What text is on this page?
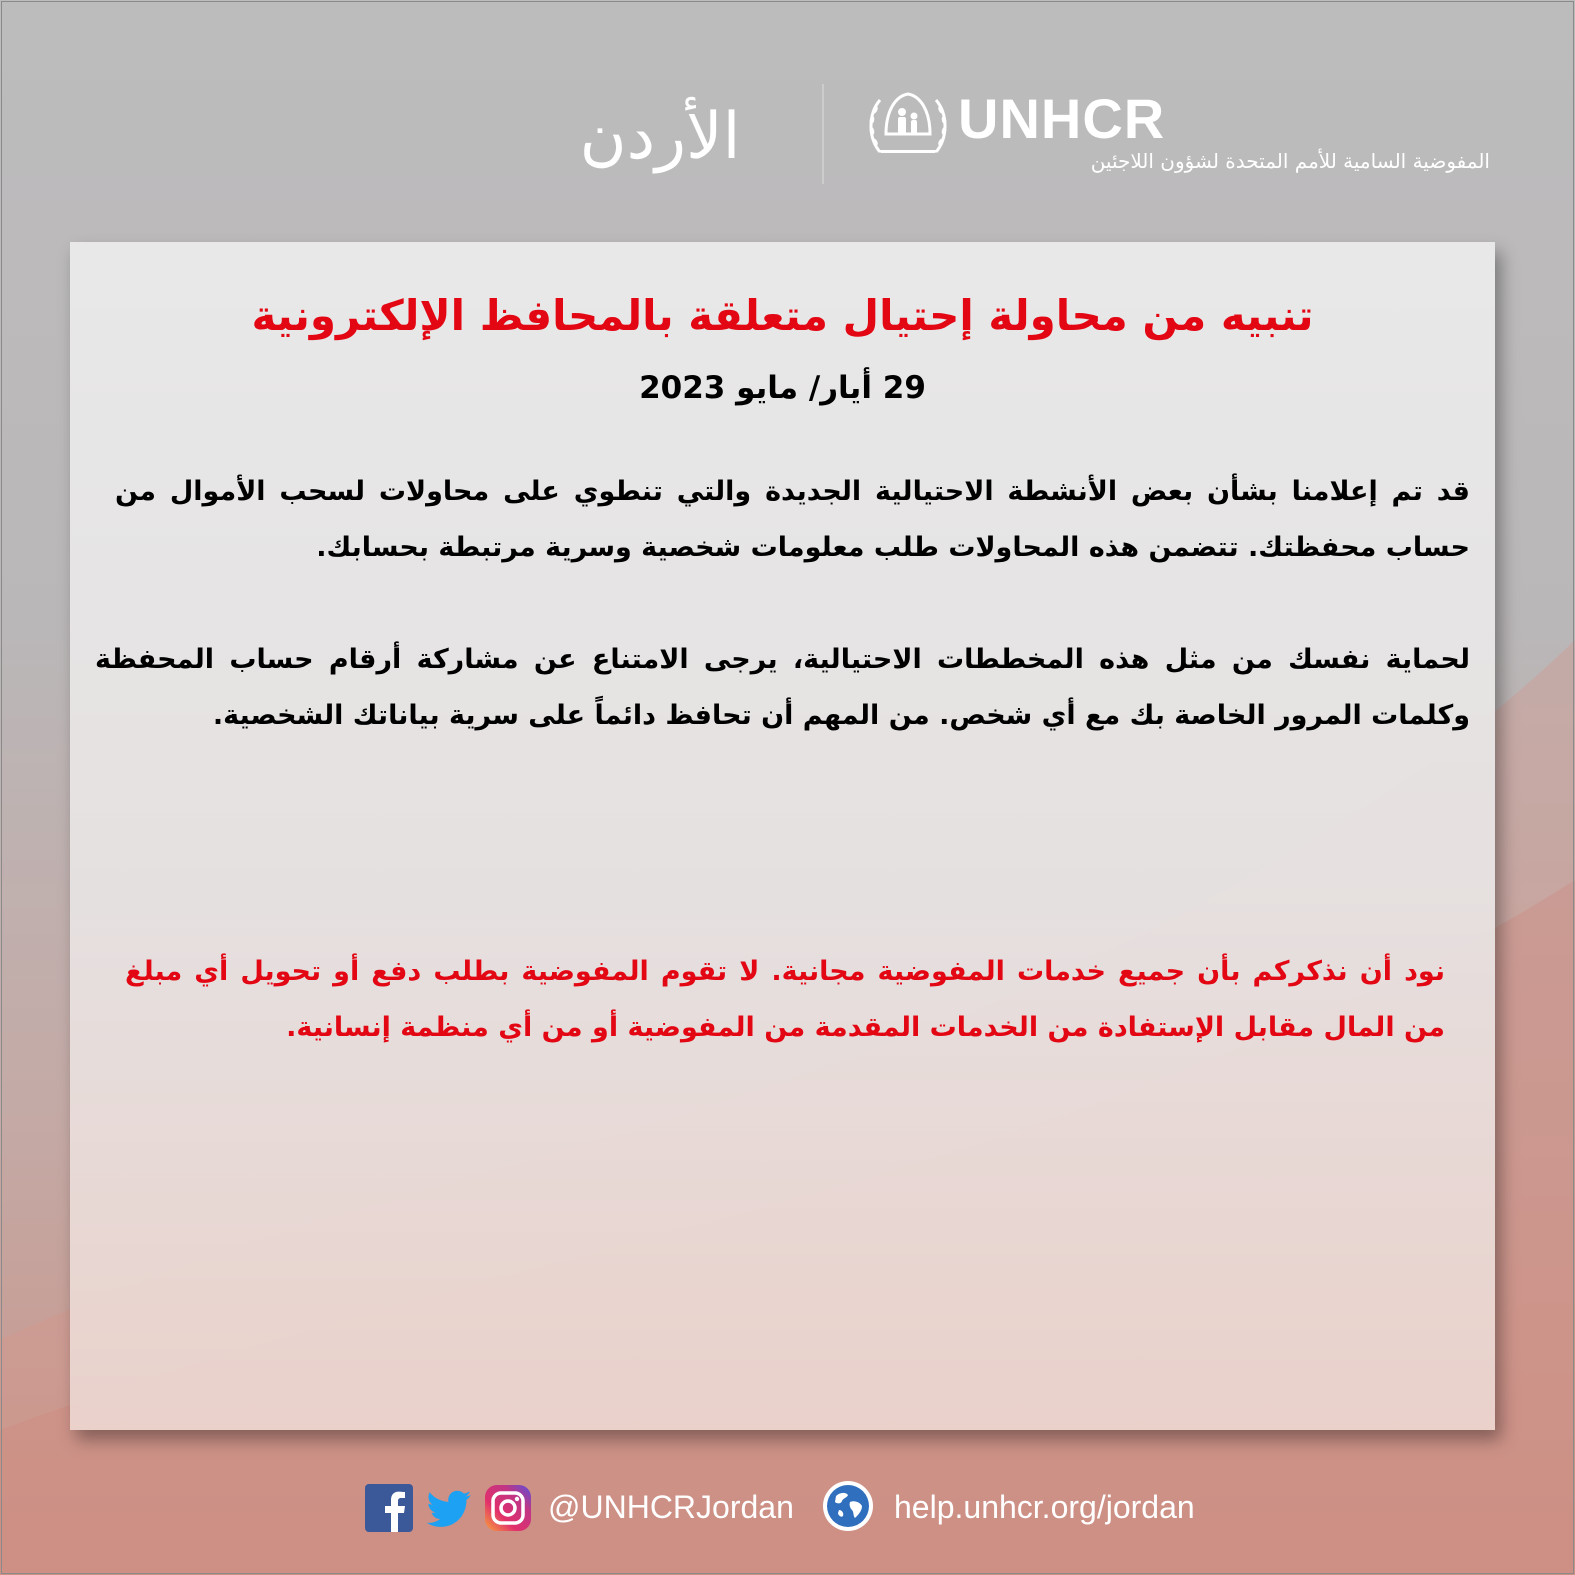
الأردن	UNHCR
المفوضية السامية للأمم المتحدة لشؤون اللاجئين
تنبيه من محاولة إحتيال متعلقة بالمحافظ الإلكترونية
29 أيار/ مايو 2023
قد تم إعلامنا بشأن بعض الأنشطة الاحتيالية الجديدة والتي تنطوي على محاولات لسحب الأموال من حساب محفظتك. تتضمن هذه المحاولات طلب معلومات شخصية وسرية مرتبطة بحسابك.
لحماية نفسك من مثل هذه المخططات الاحتيالية، يرجى الامتناع عن مشاركة أرقام حساب المحفظة وكلمات المرور الخاصة بك مع أي شخص. من المهم أن تحافظ دائماً على سرية بياناتك الشخصية.
نود أن نذكركم بأن جميع خدمات المفوضية مجانية. لا تقوم المفوضية بطلب دفع أو تحويل أي مبلغ من المال مقابل الإستفادة من الخدمات المقدمة من المفوضية أو من أي منظمة إنسانية.
@UNHCRJordan	help.unhcr.org/jordan
